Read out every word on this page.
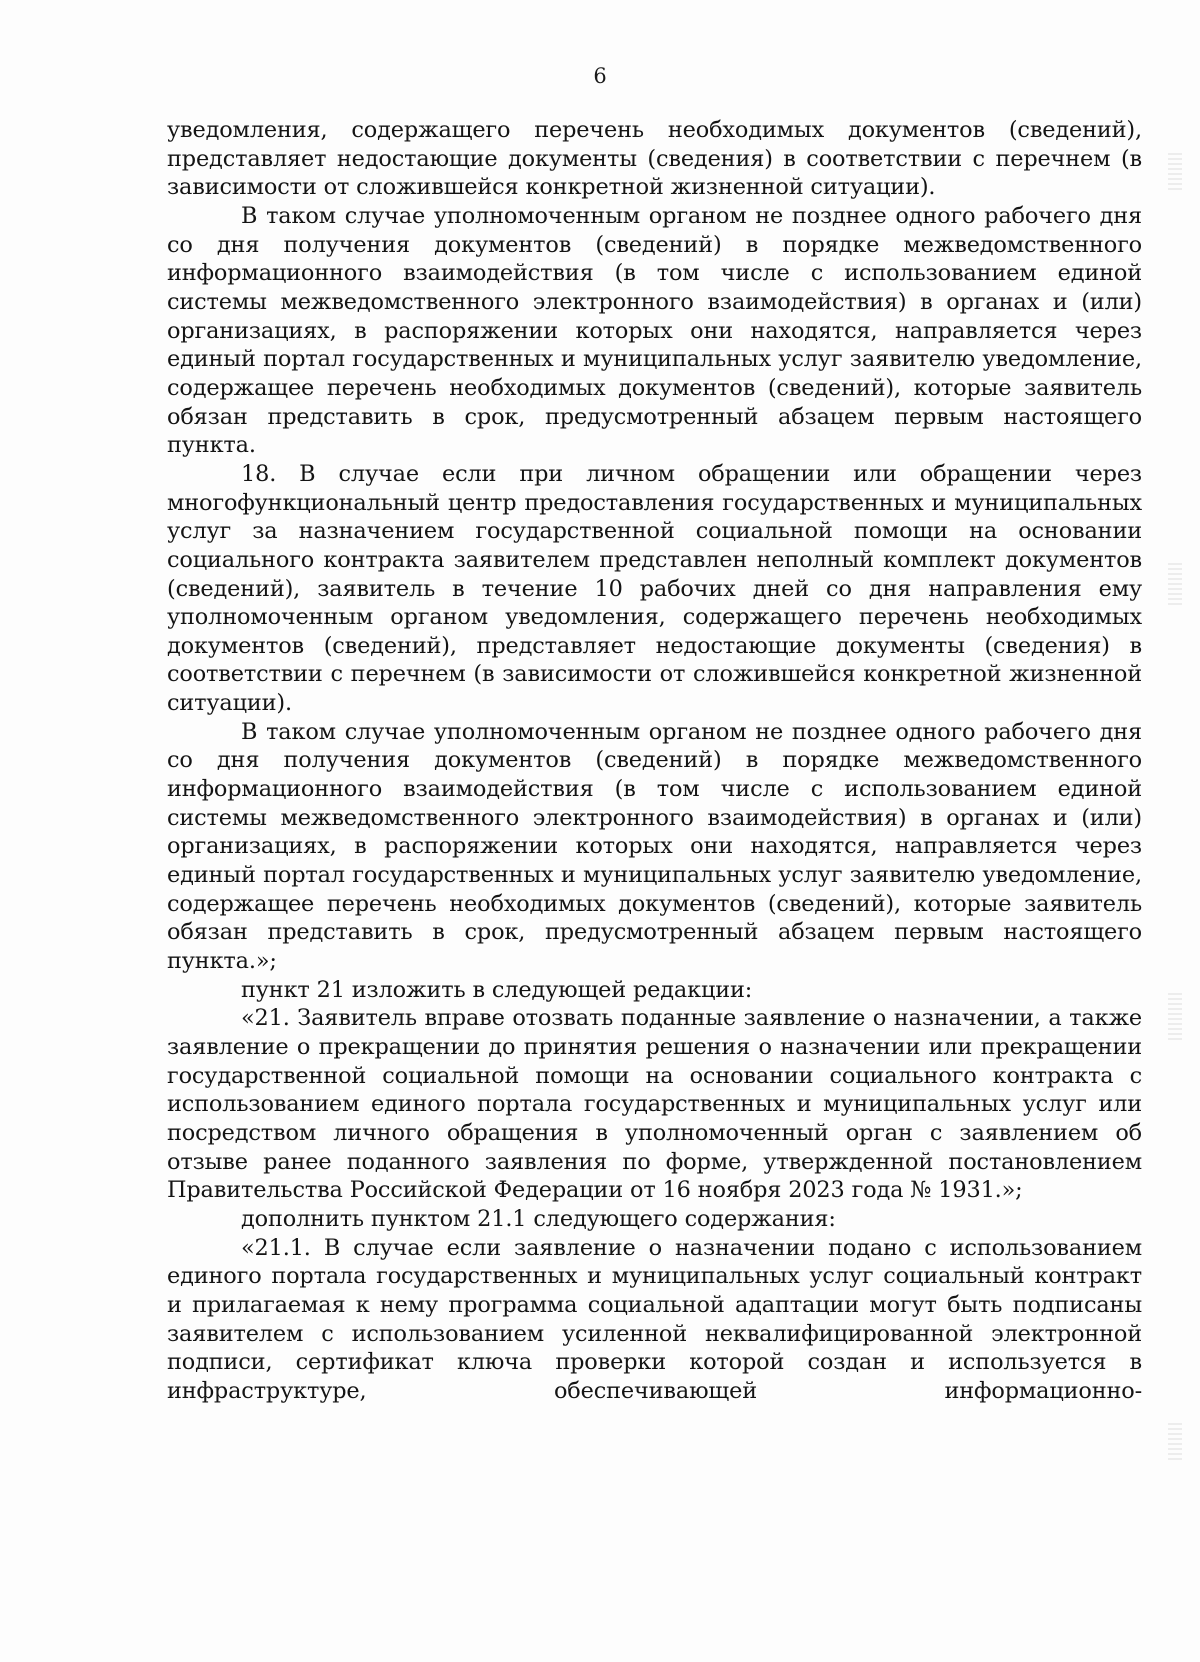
6

уведомления, содержащего перечень необходимых документов (сведений), представляет недостающие документы (сведения) в соответствии с перечнем (в зависимости от сложившейся конкретной жизненной ситуации).

В таком случае уполномоченным органом не позднее одного рабочего дня со дня получения документов (сведений) в порядке межведомственного информационного взаимодействия (в том числе с использованием единой системы межведомственного электронного взаимодействия) в органах и (или) организациях, в распоряжении которых они находятся, направляется через единый портал государственных и муниципальных услуг заявителю уведомление, содержащее перечень необходимых документов (сведений), которые заявитель обязан представить в срок, предусмотренный абзацем первым настоящего пункта.

18. В случае если при личном обращении или обращении через многофункциональный центр предоставления государственных и муниципальных услуг за назначением государственной социальной помощи на основании социального контракта заявителем представлен неполный комплект документов (сведений), заявитель в течение 10 рабочих дней со дня направления ему уполномоченным органом уведомления, содержащего перечень необходимых документов (сведений), представляет недостающие документы (сведения) в соответствии с перечнем (в зависимости от сложившейся конкретной жизненной ситуации).

В таком случае уполномоченным органом не позднее одного рабочего дня со дня получения документов (сведений) в порядке межведомственного информационного взаимодействия (в том числе с использованием единой системы межведомственного электронного взаимодействия) в органах и (или) организациях, в распоряжении которых они находятся, направляется через единый портал государственных и муниципальных услуг заявителю уведомление, содержащее перечень необходимых документов (сведений), которые заявитель обязан представить в срок, предусмотренный абзацем первым настоящего пункта.»;

пункт 21 изложить в следующей редакции:

«21. Заявитель вправе отозвать поданные заявление о назначении, а также заявление о прекращении до принятия решения о назначении или прекращении государственной социальной помощи на основании социального контракта с использованием единого портала государственных и муниципальных услуг или посредством личного обращения в уполномоченный орган с заявлением об отзыве ранее поданного заявления по форме, утвержденной постановлением Правительства Российской Федерации от 16 ноября 2023 года № 1931.»;

дополнить пунктом 21.1 следующего содержания:

«21.1. В случае если заявление о назначении подано с использованием единого портала государственных и муниципальных услуг социальный контракт и прилагаемая к нему программа социальной адаптации могут быть подписаны заявителем с использованием усиленной неквалифицированной электронной подписи, сертификат ключа проверки которой создан и используется в инфраструктуре, обеспечивающей информационно-
